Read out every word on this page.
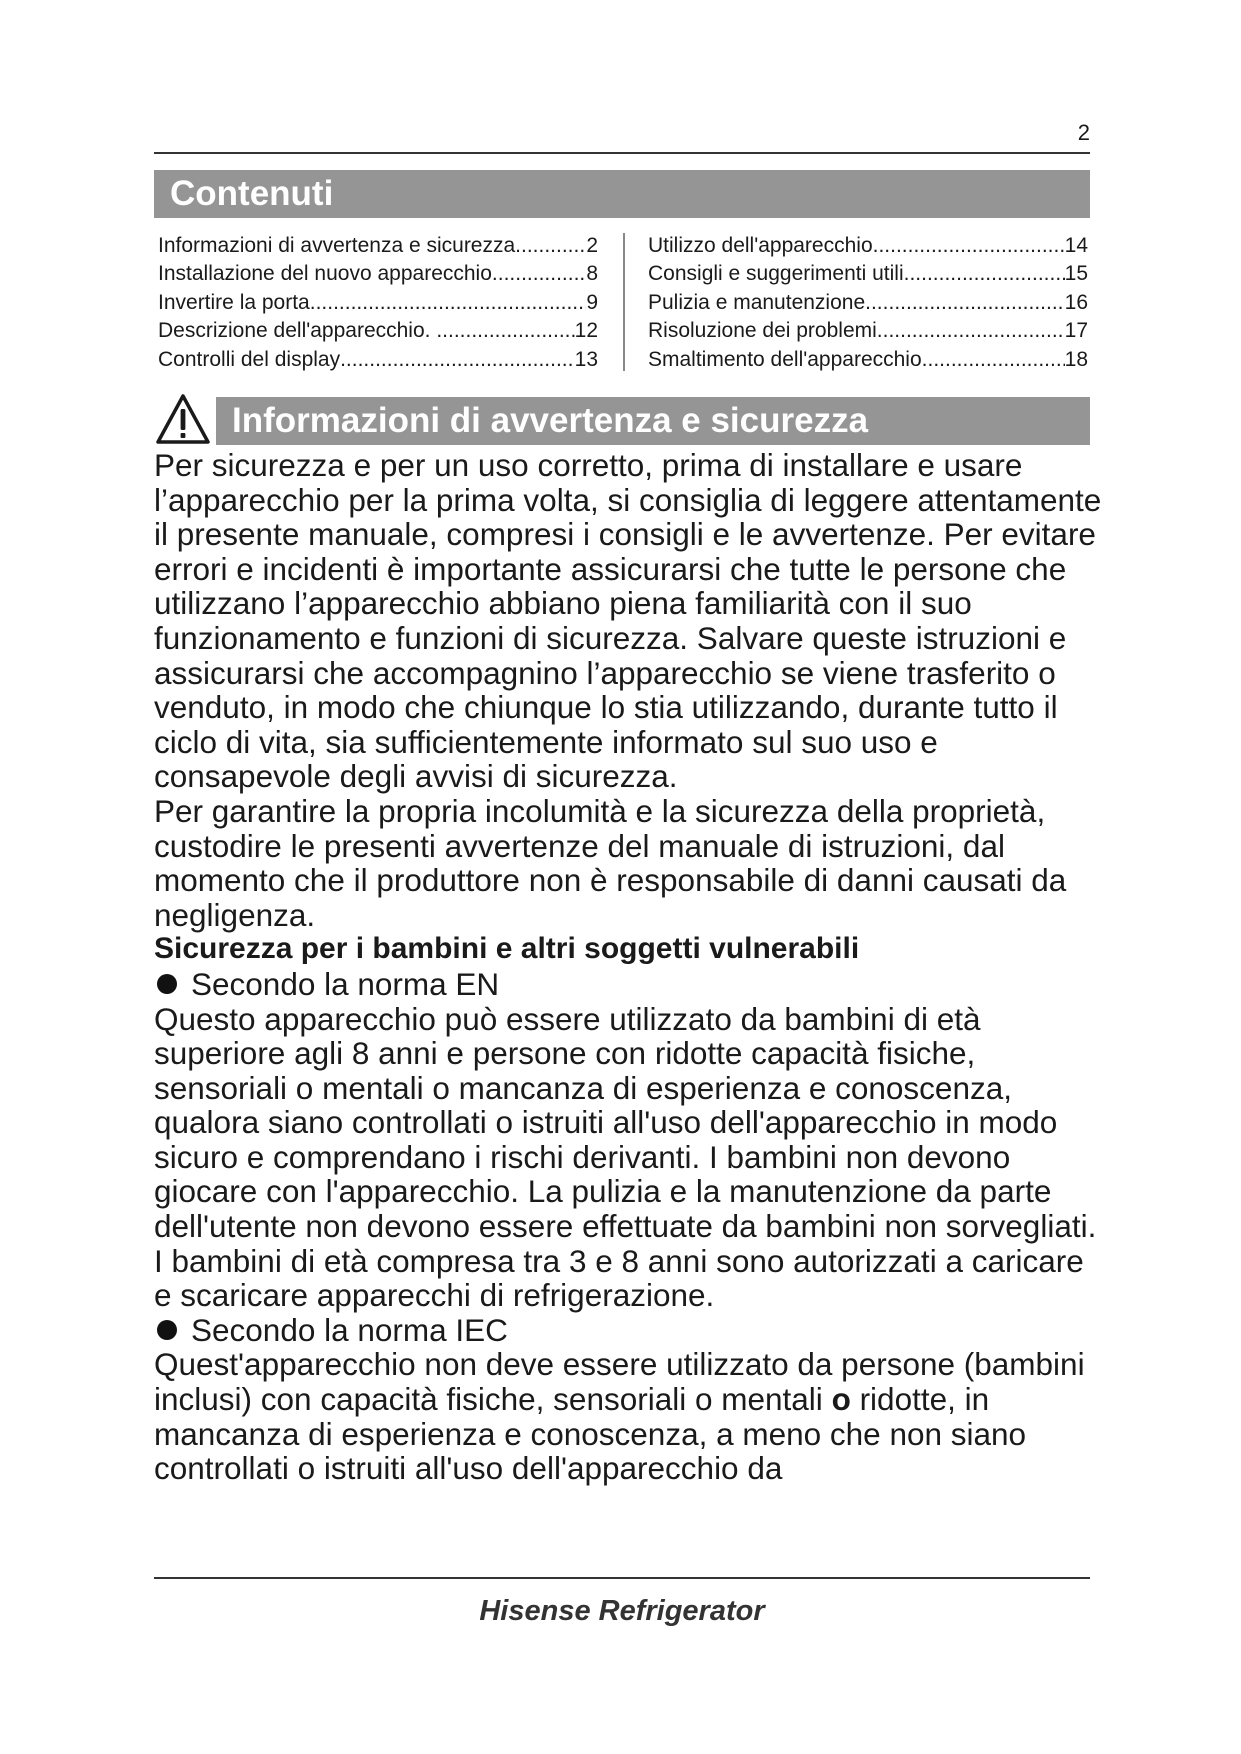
2
Contenuti
Informazioni di avvertenza e sicurezza .....	2
Installazione del nuovo apparecchio .....	8
Invertire la porta .....	9
Descrizione dell'apparecchio. .....	12
Controlli del display .....	13
Utilizzo dell'apparecchio .....	14
Consigli e suggerimenti utili .....	15
Pulizia e manutenzione .....	16
Risoluzione dei problemi .....	17
Smaltimento dell'apparecchio .....	18
Informazioni di avvertenza e sicurezza

Per sicurezza e per un uso corretto, prima di installare e usare l’apparecchio per la prima volta, si consiglia di leggere attentamente il presente manuale, compresi i consigli e le avvertenze. Per evitare errori e incidenti è importante assicurarsi che tutte le persone che utilizzano l’apparecchio abbiano piena familiarità con il suo funzionamento e funzioni di sicurezza. Salvare queste istruzioni e assicurarsi che accompagnino l’apparecchio se viene trasferito o venduto, in modo che chiunque lo stia utilizzando, durante tutto il ciclo di vita, sia sufficientemente informato sul suo uso e consapevole degli avvisi di sicurezza.

Per garantire la propria incolumità e la sicurezza della proprietà, custodire le presenti avvertenze del manuale di istruzioni, dal momento che il produttore non è responsabile di danni causati da negligenza.

Sicurezza per i bambini e altri soggetti vulnerabili

Secondo la norma EN

Questo apparecchio può essere utilizzato da bambini di età superiore agli 8 anni e persone con ridotte capacità fisiche, sensoriali o mentali o mancanza di esperienza e conoscenza, qualora siano controllati o istruiti all'uso dell'apparecchio in modo sicuro e comprendano i rischi derivanti. I bambini non devono giocare con l'apparecchio. La pulizia e la manutenzione da parte dell'utente non devono essere effettuate da bambini non sorvegliati.

I bambini di età compresa tra 3 e 8 anni sono autorizzati a caricare e scaricare apparecchi di refrigerazione.

Secondo la norma IEC

Quest'apparecchio non deve essere utilizzato da persone (bambini inclusi) con capacità fisiche, sensoriali o mentali o ridotte, in mancanza di esperienza e conoscenza, a meno che non siano controllati o istruiti all'uso dell'apparecchio da

Hisense Refrigerator
